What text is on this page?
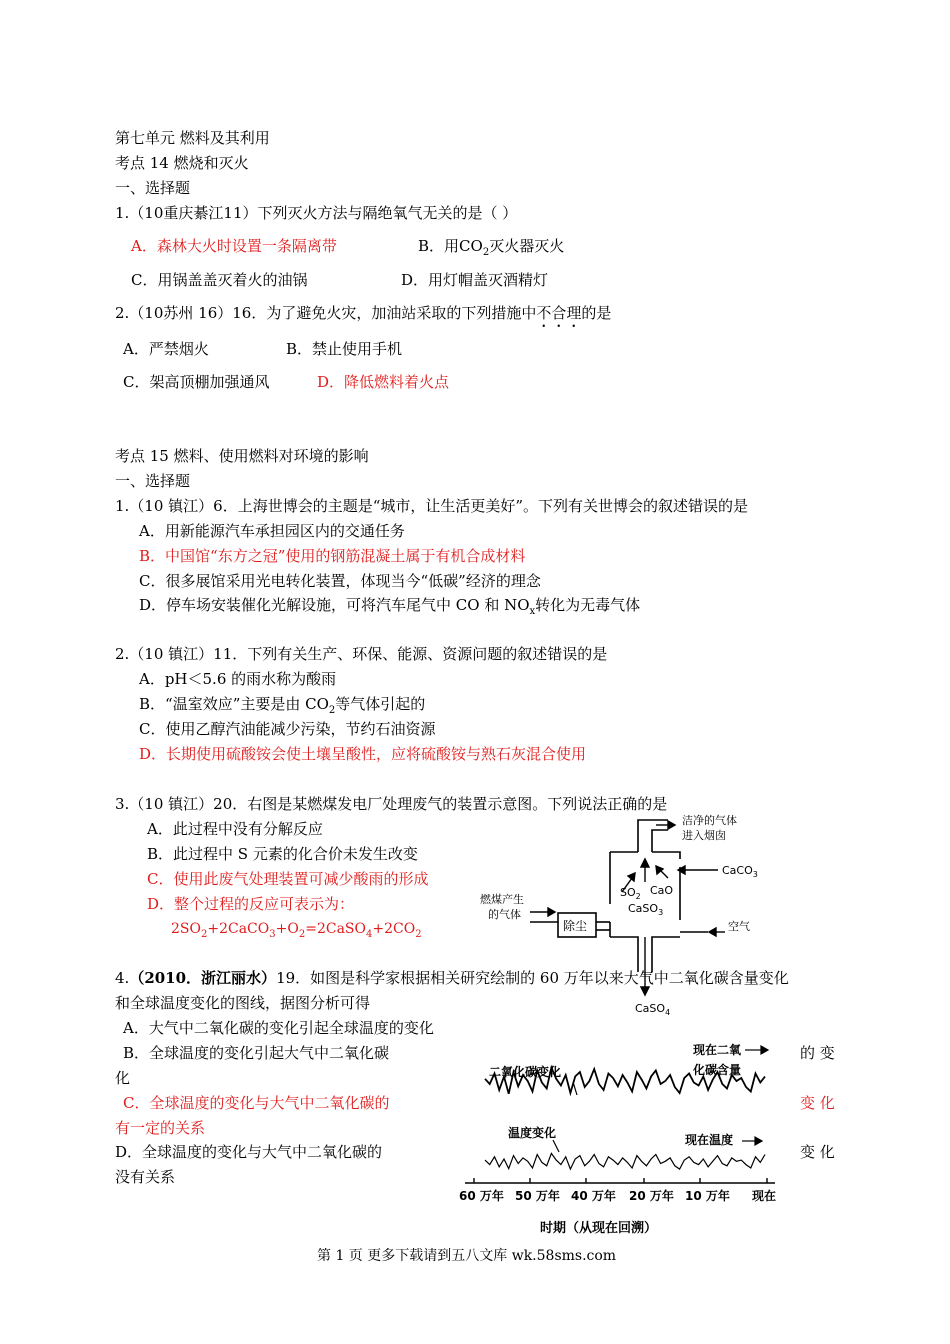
第七单元 燃料及其利用
考点 14 燃烧和灭火
一、选择题
1.（10重庆綦江11）下列灭火方法与隔绝氧气无关的是（ ）
A．森林大火时设置一条隔离带	B．用$CO_2$灭火器灭火
C．用锅盖盖灭着火的油锅	D．用灯帽盖灭酒精灯
2.（10苏州 16）16．为了避免火灾，加油站采取的下列措施中不合理的是
A．严禁烟火	B．禁止使用手机
C．架高顶棚加强通风	D．降低燃料着火点
考点 15 燃料、使用燃料对环境的影响
一、选择题
1.（10 镇江）6．上海世博会的主题是“城市，让生活更美好”。下列有关世博会的叙述错误的是
A．用新能源汽车承担园区内的交通任务
B．中国馆“东方之冠”使用的钢筋混凝土属于有机合成材料
C．很多展馆采用光电转化装置，体现当今“低碳”经济的理念
D．停车场安装催化光解设施，可将汽车尾气中 CO 和 $NO_x$转化为无毒气体
2.（10 镇江）11．下列有关生产、环保、能源、资源问题的叙述错误的是
A．pH＜5.6 的雨水称为酸雨
B．“温室效应”主要是由 $CO_2$等气体引起的
C．使用乙醇汽油能减少污染，节约石油资源
D．长期使用硫酸铵会使土壤呈酸性，应将硫酸铵与熟石灰混合使用
3.（10 镇江）20．右图是某燃煤发电厂处理废气的装置示意图。下列说法正确的是
A．此过程中没有分解反应
B．此过程中 S 元素的化合价未发生改变
C．使用此废气处理装置可减少酸雨的形成
D．整个过程的反应可表示为：
$2SO_2+2CaCO_3+O_2=2CaSO_4+2CO_2$
洁净的气体
进入烟囱
CaCO$_3$
燃煤产生
的气体
除尘
$SO_2$ CaO
CaSO$_3$
空气
CaSO$_4$
4.（2010．浙江丽水）19．如图是科学家根据相关研究绘制的 60 万年以来大气中二氧化碳含量变化
和全球温度变化的图线，据图分析可得
A．大气中二氧化碳的变化引起全球温度的变化
B．全球温度的变化引起大气中二氧化碳	的 变
化
C．全球温度的变化与大气中二氧化碳的	变 化
有一定的关系
D．全球温度的变化与大气中二氧化碳的	变 化
没有关系
二氧化碳变化
现在二氧
化碳含量
温度变化	现在温度
时期（从现在回溯）
60 万年 50 万年 40 万年 20 万年 10 万年 现在
第 1 页 更多下载请到五八文库 wk.58sms.com
